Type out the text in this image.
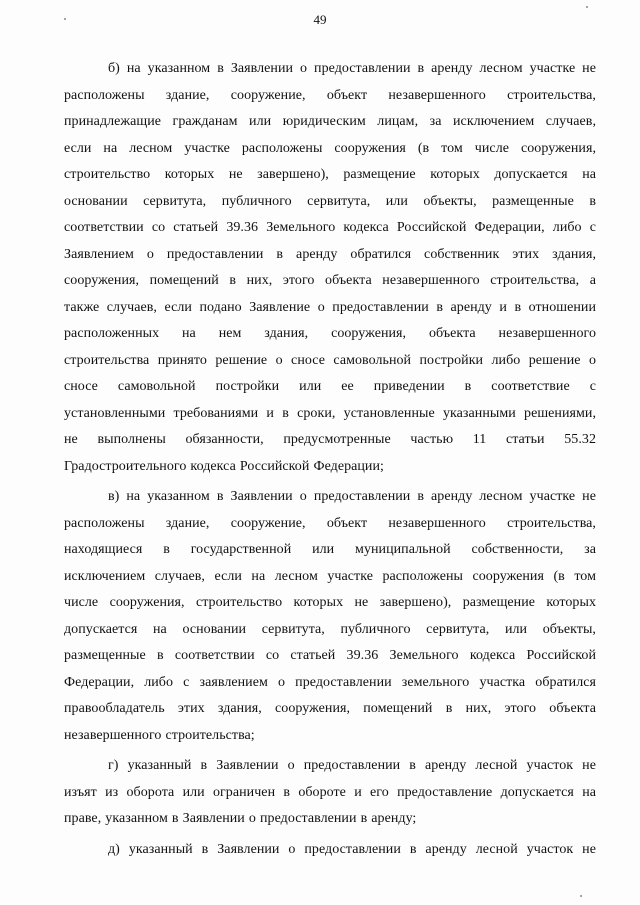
49
б) на указанном в Заявлении о предоставлении в аренду лесном участке не
расположены здание, сооружение, объект незавершенного строительства,
принадлежащие гражданам или юридическим лицам, за исключением случаев,
если на лесном участке расположены сооружения (в том числе сооружения,
строительство которых не завершено), размещение которых допускается на
основании сервитута, публичного сервитута, или объекты, размещенные в
соответствии со статьей 39.36 Земельного кодекса Российской Федерации, либо с
Заявлением о предоставлении в аренду обратился собственник этих здания,
сооружения, помещений в них, этого объекта незавершенного строительства, а
также случаев, если подано Заявление о предоставлении в аренду и в отношении
расположенных на нем здания, сооружения, объекта незавершенного
строительства принято решение о сносе самовольной постройки либо решение о
сносе самовольной постройки или ее приведении в соответствие с
установленными требованиями и в сроки, установленные указанными решениями,
не выполнены обязанности, предусмотренные частью 11 статьи 55.32
Градостроительного кодекса Российской Федерации;
в) на указанном в Заявлении о предоставлении в аренду лесном участке не
расположены здание, сооружение, объект незавершенного строительства,
находящиеся в государственной или муниципальной собственности, за
исключением случаев, если на лесном участке расположены сооружения (в том
числе сооружения, строительство которых не завершено), размещение которых
допускается на основании сервитута, публичного сервитута, или объекты,
размещенные в соответствии со статьей 39.36 Земельного кодекса Российской
Федерации, либо с заявлением о предоставлении земельного участка обратился
правообладатель этих здания, сооружения, помещений в них, этого объекта
незавершенного строительства;
г) указанный в Заявлении о предоставлении в аренду лесной участок не
изъят из оборота или ограничен в обороте и его предоставление допускается на
праве, указанном в Заявлении о предоставлении в аренду;
д) указанный в Заявлении о предоставлении в аренду лесной участок не
